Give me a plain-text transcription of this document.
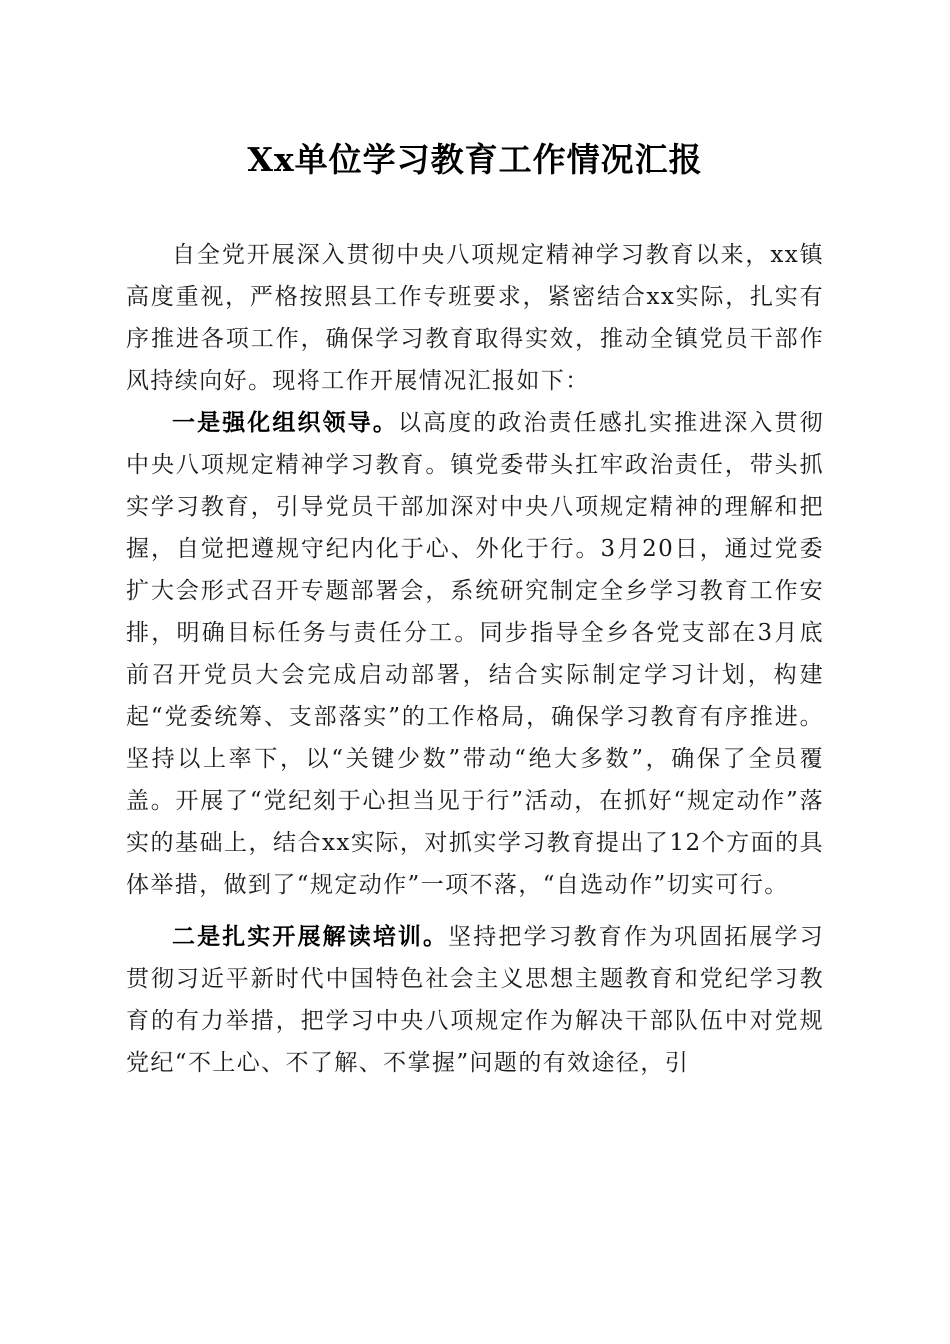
Xx单位学习教育工作情况汇报

自全党开展深入贯彻中央八项规定精神学习教育以来，xx镇高度重视，严格按照县工作专班要求，紧密结合xx实际，扎实有序推进各项工作，确保学习教育取得实效，推动全镇党员干部作风持续向好。现将工作开展情况汇报如下：

一是强化组织领导。以高度的政治责任感扎实推进深入贯彻中央八项规定精神学习教育。镇党委带头扛牢政治责任，带头抓实学习教育，引导党员干部加深对中央八项规定精神的理解和把握，自觉把遵规守纪内化于心、外化于行。3月20日，通过党委扩大会形式召开专题部署会，系统研究制定全乡学习教育工作安排，明确目标任务与责任分工。同步指导全乡各党支部在3月底前召开党员大会完成启动部署，结合实际制定学习计划，构建起“党委统筹、支部落实”的工作格局，确保学习教育有序推进。坚持以上率下，以“关键少数”带动“绝大多数”，确保了全员覆盖。开展了“党纪刻于心担当见于行”活动，在抓好“规定动作”落实的基础上，结合xx实际，对抓实学习教育提出了12个方面的具体举措，做到了“规定动作”一项不落，“自选动作”切实可行。

二是扎实开展解读培训。坚持把学习教育作为巩固拓展学习贯彻习近平新时代中国特色社会主义思想主题教育和党纪学习教育的有力举措，把学习中央八项规定作为解决干部队伍中对党规党纪“不上心、不了解、不掌握”问题的有效途径，引
